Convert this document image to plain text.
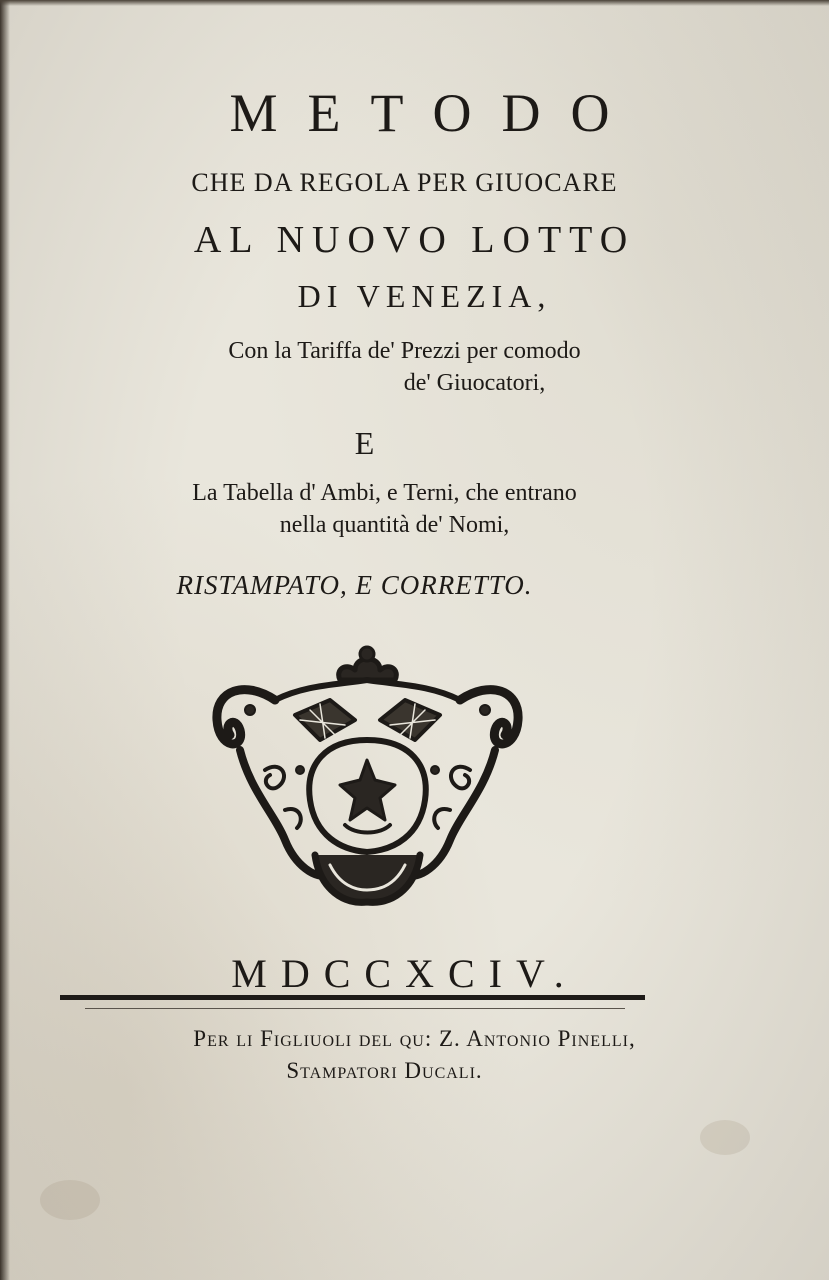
METODO
CHE DA REGOLA PER GIUOCARE
AL NUOVO LOTTO
DI VENEZIA,
Con la Tariffa de' Prezzi per comodo
de' Giuocatori,
E
La Tabella d' Ambi, e Terni, che entrano
nella quantità de' Nomi,
RISTAMPATO, E CORRETTO.
MDCCXCIV.
Per li Figliuoli del qu: Z. Antonio Pinelli,
Stampatori Ducali.
